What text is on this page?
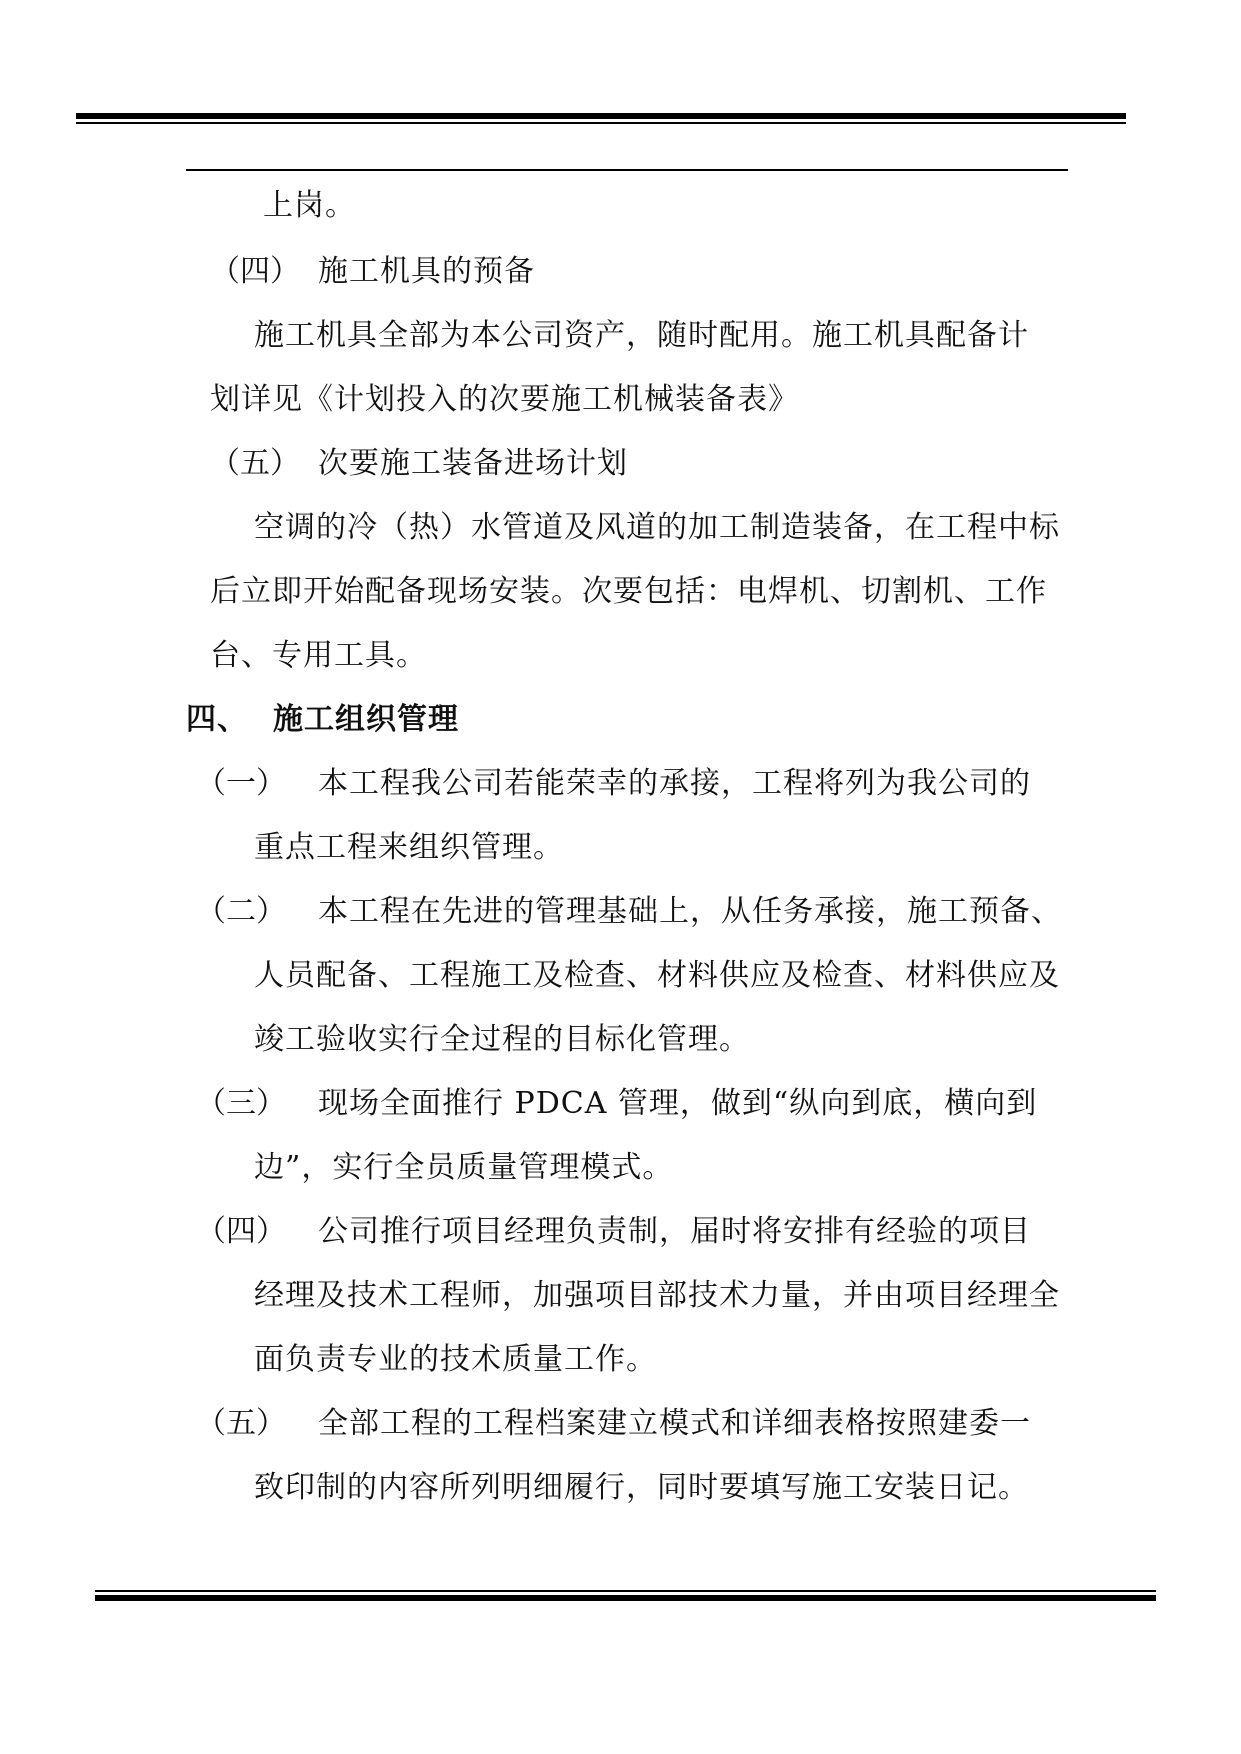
上岗。
（四） 施工机具的预备
施工机具全部为本公司资产，随时配用。施工机具配备计
划详见《计划投入的次要施工机械装备表》
（五） 次要施工装备进场计划
空调的冷（热）水管道及风道的加工制造装备，在工程中标
后立即开始配备现场安装。次要包括：电焊机、切割机、工作
台、专用工具。
四、 施工组织管理
（一） 本工程我公司若能荣幸的承接，工程将列为我公司的
重点工程来组织管理。
（二） 本工程在先进的管理基础上，从任务承接，施工预备、
人员配备、工程施工及检查、材料供应及检查、材料供应及
竣工验收实行全过程的目标化管理。
（三） 现场全面推行 PDCA 管理，做到“纵向到底，横向到
边”，实行全员质量管理模式。
（四） 公司推行项目经理负责制，届时将安排有经验的项目
经理及技术工程师，加强项目部技术力量，并由项目经理全
面负责专业的技术质量工作。
（五） 全部工程的工程档案建立模式和详细表格按照建委一
致印制的内容所列明细履行，同时要填写施工安装日记。
